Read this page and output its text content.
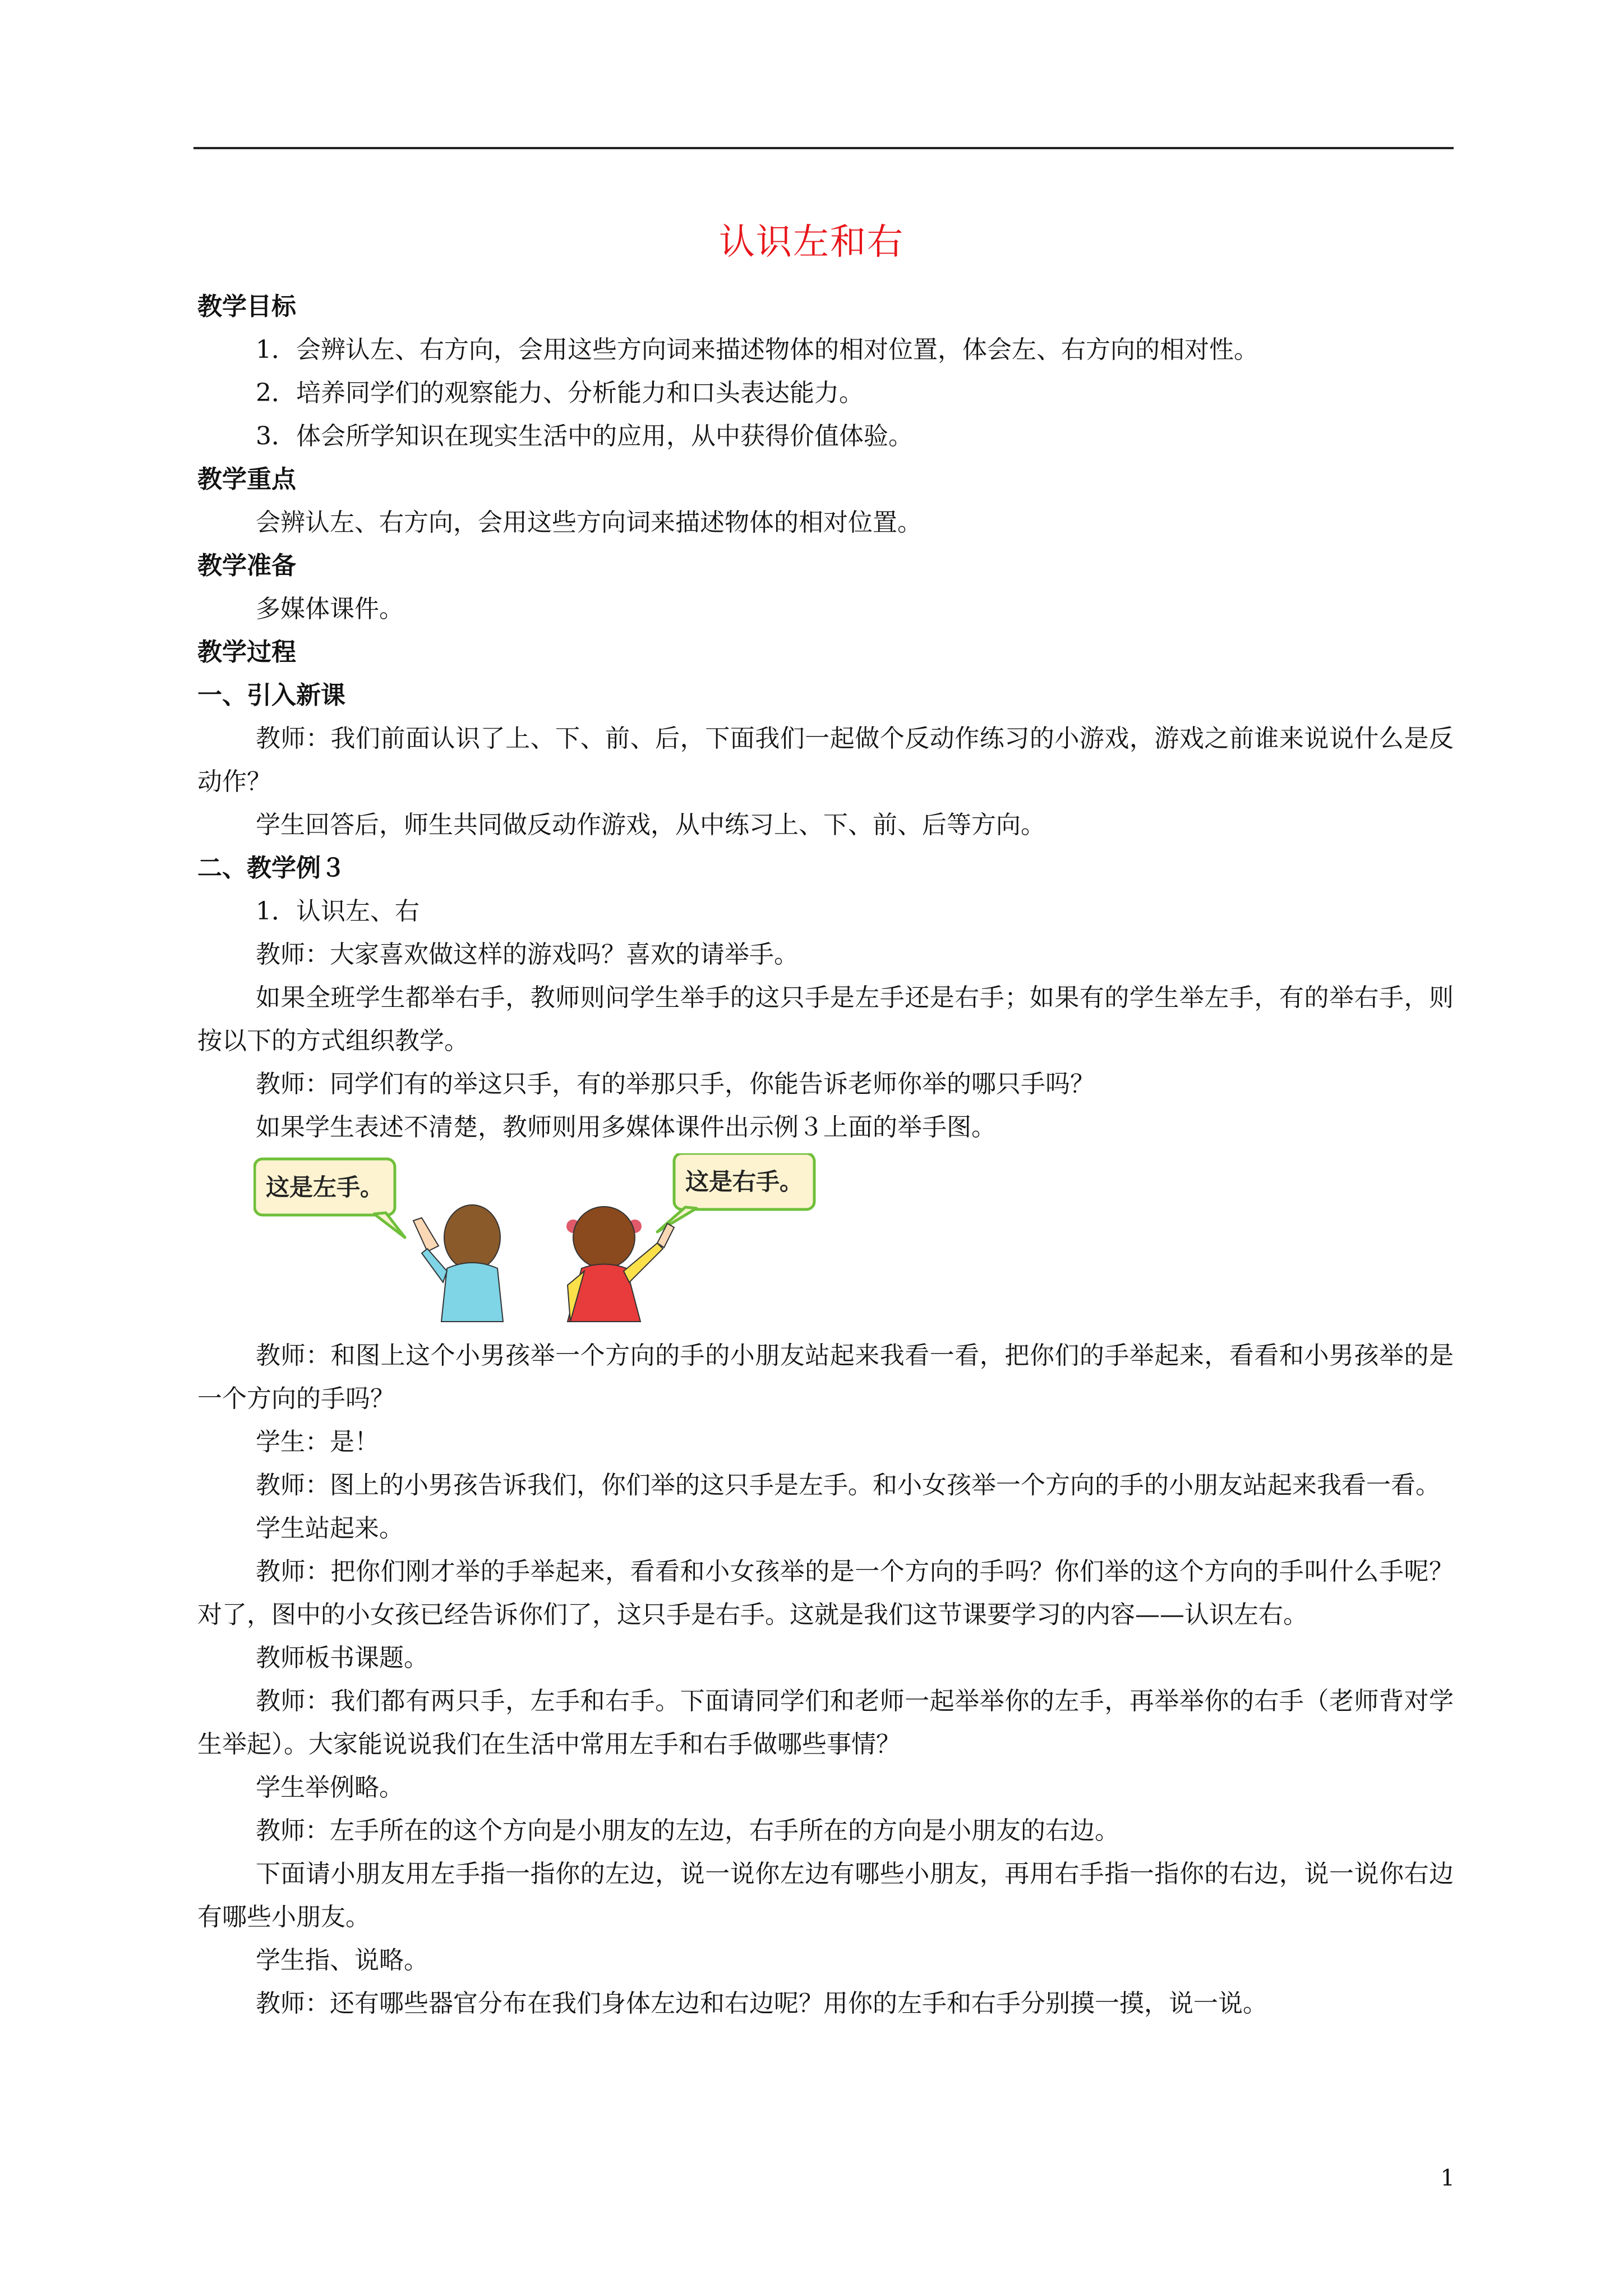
认识左和右

教学目标

1．会辨认左、右方向，会用这些方向词来描述物体的相对位置，体会左、右方向的相对性。

2．培养同学们的观察能力、分析能力和口头表达能力。

3．体会所学知识在现实生活中的应用，从中获得价值体验。

教学重点

会辨认左、右方向，会用这些方向词来描述物体的相对位置。

教学准备

多媒体课件。

教学过程

一、引入新课

教师：我们前面认识了上、下、前、后，下面我们一起做个反动作练习的小游戏，游戏之前谁来说说什么是反动作？

学生回答后，师生共同做反动作游戏，从中练习上、下、前、后等方向。

二、教学例３

1．认识左、右

教师：大家喜欢做这样的游戏吗？喜欢的请举手。

如果全班学生都举右手，教师则问学生举手的这只手是左手还是右手；如果有的学生举左手，有的举右手，则按以下的方式组织教学。

教师：同学们有的举这只手，有的举那只手，你能告诉老师你举的哪只手吗？

如果学生表述不清楚，教师则用多媒体课件出示例３上面的举手图。

这是左手。	这是右手。

教师：和图上这个小男孩举一个方向的手的小朋友站起来我看一看，把你们的手举起来，看看和小男孩举的是一个方向的手吗？

学生：是！

教师：图上的小男孩告诉我们，你们举的这只手是左手。和小女孩举一个方向的手的小朋友站起来我看一看。

学生站起来。

教师：把你们刚才举的手举起来，看看和小女孩举的是一个方向的手吗？你们举的这个方向的手叫什么手呢？对了，图中的小女孩已经告诉你们了，这只手是右手。这就是我们这节课要学习的内容——认识左右。

教师板书课题。

教师：我们都有两只手，左手和右手。下面请同学们和老师一起举举你的左手，再举举你的右手（老师背对学生举起）。大家能说说我们在生活中常用左手和右手做哪些事情？

学生举例略。

教师：左手所在的这个方向是小朋友的左边，右手所在的方向是小朋友的右边。

下面请小朋友用左手指一指你的左边，说一说你左边有哪些小朋友，再用右手指一指你的右边，说一说你右边有哪些小朋友。

学生指、说略。

教师：还有哪些器官分布在我们身体左边和右边呢？用你的左手和右手分别摸一摸，说一说。

1
